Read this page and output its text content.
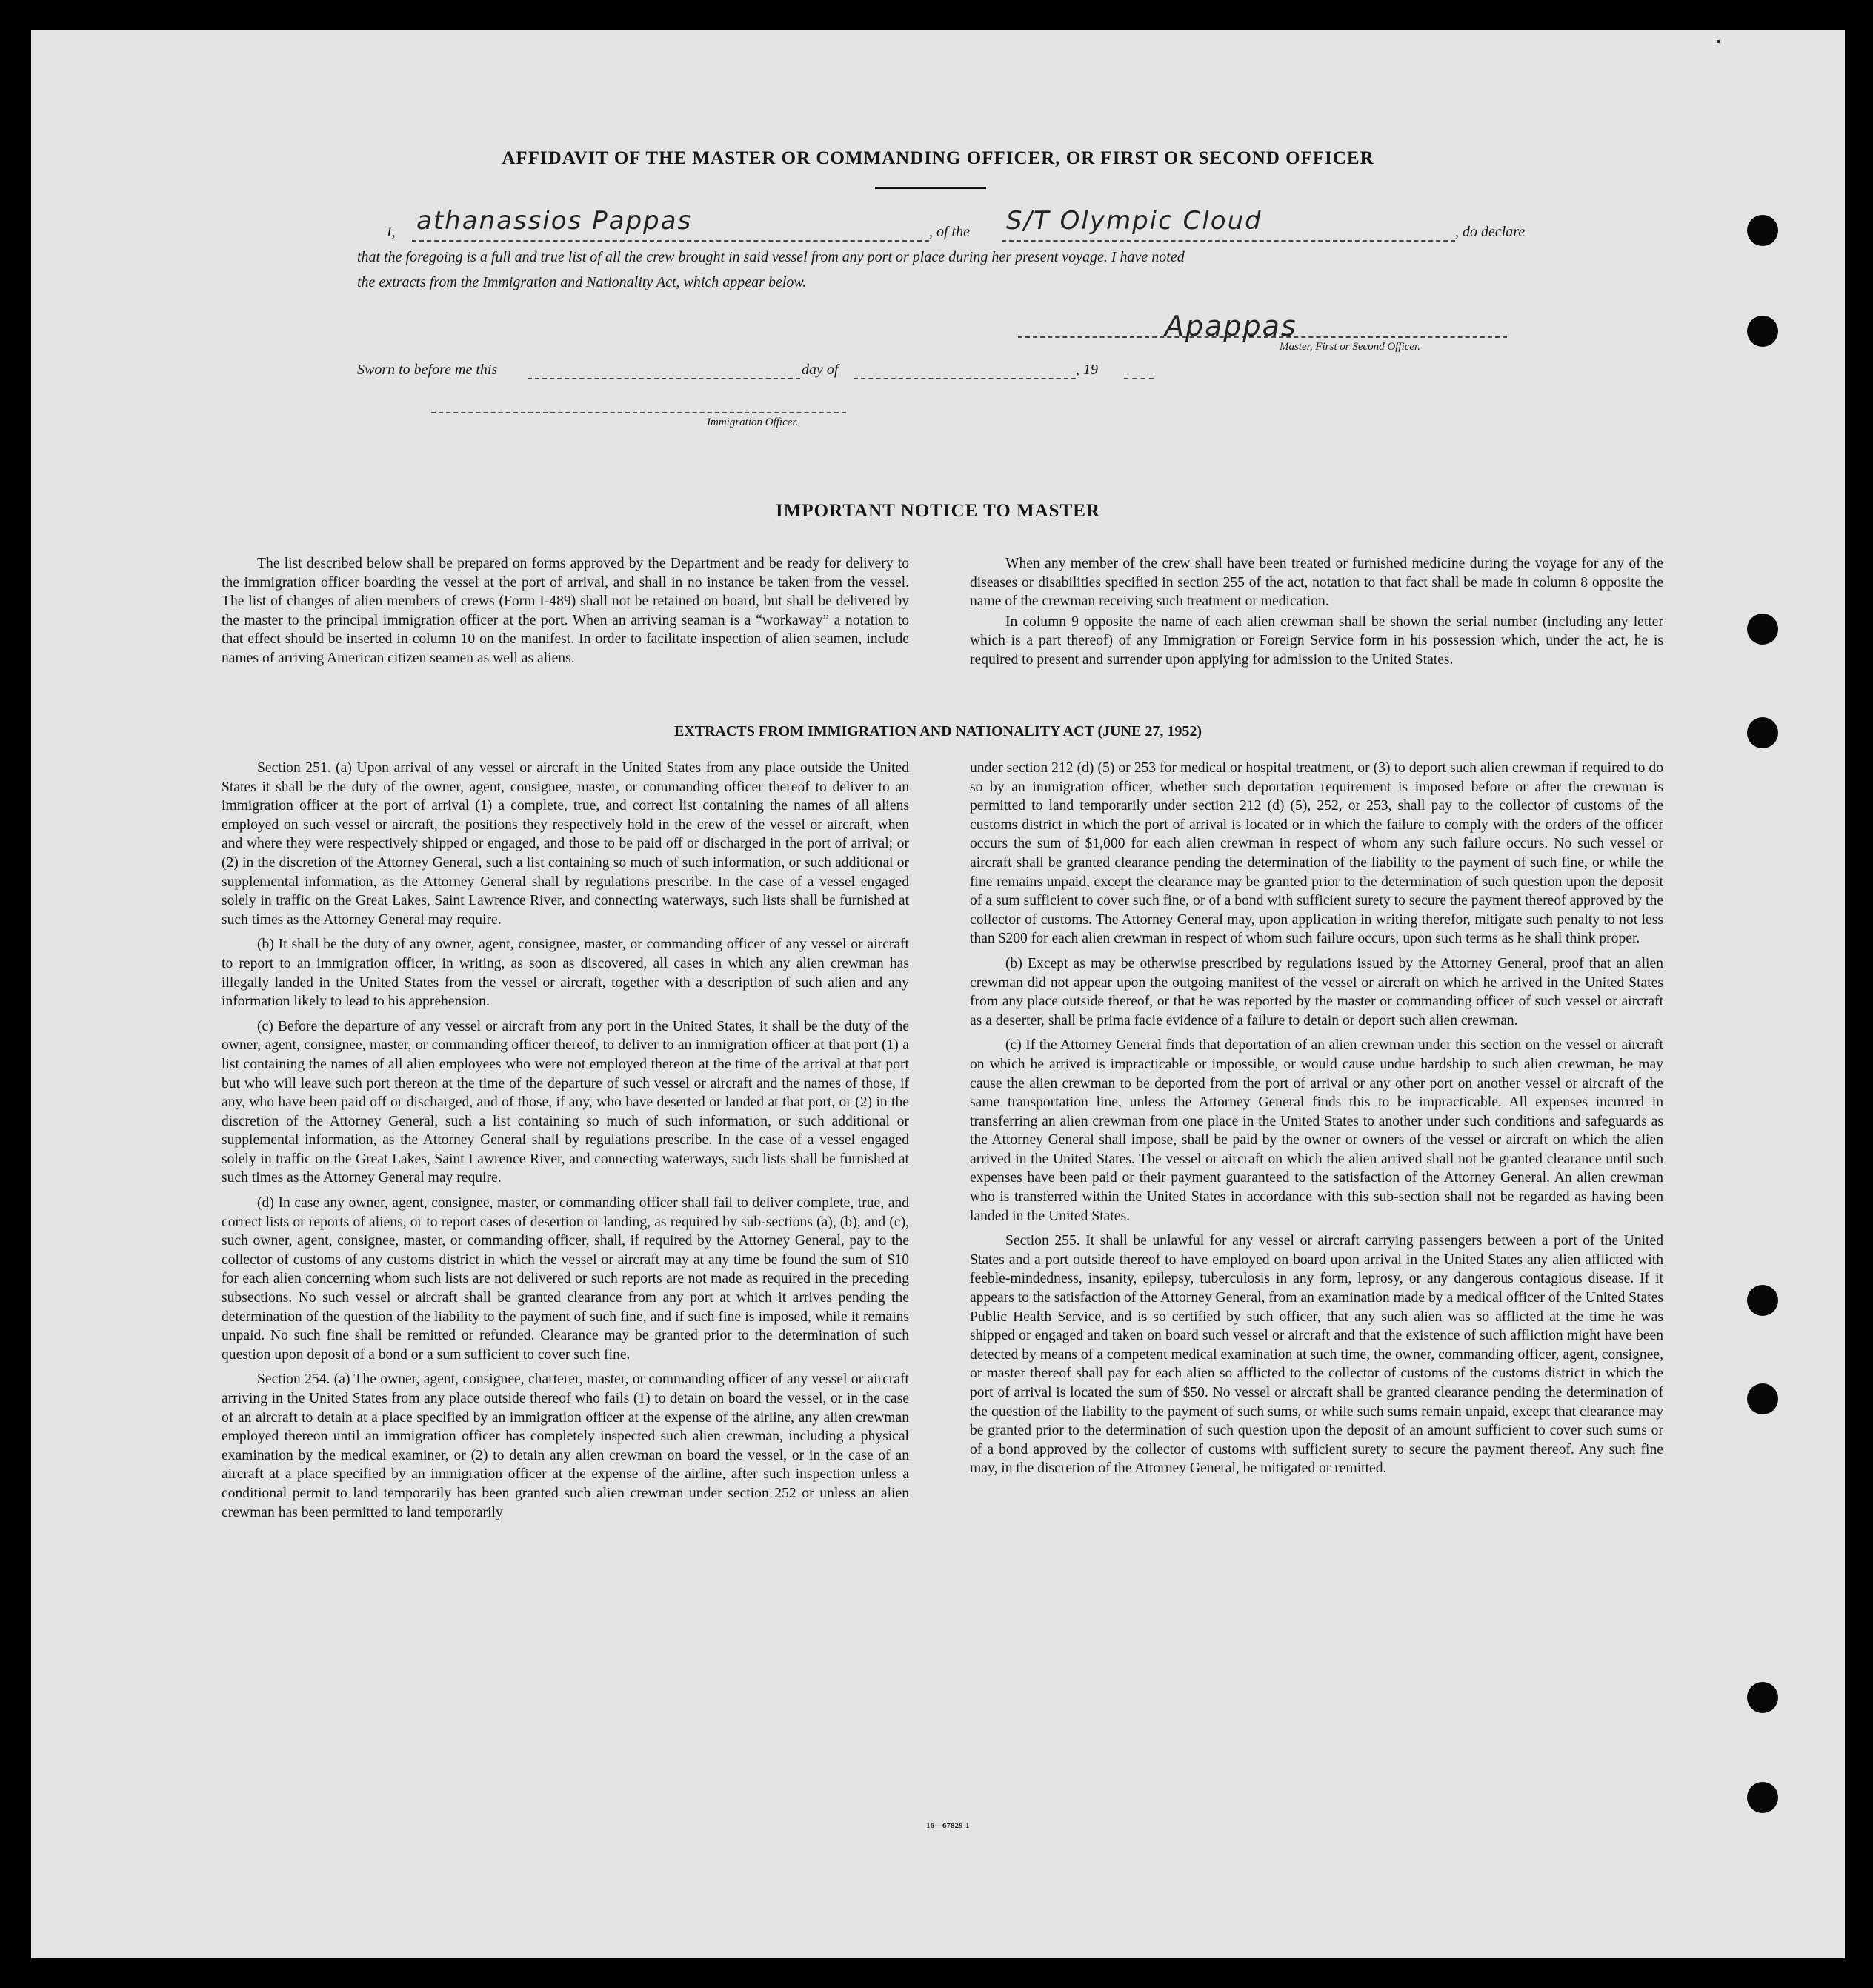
AFFIDAVIT OF THE MASTER OR COMMANDING OFFICER, OR FIRST OR SECOND OFFICER
I, athanassios Pappas	, of the S/T Olympic Cloud	, do declare
that the foregoing is a full and true list of all the crew brought in said vessel from any port or place during her present voyage. I have noted
the extracts from the Immigration and Nationality Act, which appear below.
Apappas
Master, First or Second Officer.
Sworn to before me this	day of	, 19
Immigration Officer.
IMPORTANT NOTICE TO MASTER

The list described below shall be prepared on forms approved by the Department and be ready for delivery to the immigration officer boarding the vessel at the port of arrival, and shall in no instance be taken from the vessel. The list of changes of alien members of crews (Form I-489) shall not be retained on board, but shall be delivered by the master to the principal immigration officer at the port. When an arriving seaman is a “workaway” a notation to that effect should be inserted in column 10 on the manifest. In order to facilitate inspection of alien seamen, include names of arriving American citizen seamen as well as aliens.

When any member of the crew shall have been treated or furnished medicine during the voyage for any of the diseases or disabilities specified in section 255 of the act, notation to that fact shall be made in column 8 opposite the name of the crewman receiving such treatment or medication.

In column 9 opposite the name of each alien crewman shall be shown the serial number (including any letter which is a part thereof) of any Immigration or Foreign Service form in his possession which, under the act, he is required to present and surrender upon applying for admission to the United States.

EXTRACTS FROM IMMIGRATION AND NATIONALITY ACT (JUNE 27, 1952)

Section 251. (a) Upon arrival of any vessel or aircraft in the United States from any place outside the United States it shall be the duty of the owner, agent, consignee, master, or commanding officer thereof to deliver to an immigration officer at the port of arrival (1) a complete, true, and correct list containing the names of all aliens employed on such vessel or aircraft, the positions they respectively hold in the crew of the vessel or aircraft, when and where they were respectively shipped or engaged, and those to be paid off or discharged in the port of arrival; or (2) in the discretion of the Attorney General, such a list containing so much of such information, or such additional or supplemental information, as the Attorney General shall by regulations prescribe. In the case of a vessel engaged solely in traffic on the Great Lakes, Saint Lawrence River, and connecting waterways, such lists shall be furnished at such times as the Attorney General may require.

(b) It shall be the duty of any owner, agent, consignee, master, or commanding officer of any vessel or aircraft to report to an immigration officer, in writing, as soon as discovered, all cases in which any alien crewman has illegally landed in the United States from the vessel or aircraft, together with a description of such alien and any information likely to lead to his apprehension.

(c) Before the departure of any vessel or aircraft from any port in the United States, it shall be the duty of the owner, agent, consignee, master, or commanding officer thereof, to deliver to an immigration officer at that port (1) a list containing the names of all alien employees who were not employed thereon at the time of the arrival at that port but who will leave such port thereon at the time of the departure of such vessel or aircraft and the names of those, if any, who have been paid off or discharged, and of those, if any, who have deserted or landed at that port, or (2) in the discretion of the Attorney General, such a list containing so much of such information, or such additional or supplemental information, as the Attorney General shall by regulations prescribe. In the case of a vessel engaged solely in traffic on the Great Lakes, Saint Lawrence River, and connecting waterways, such lists shall be furnished at such times as the Attorney General may require.

(d) In case any owner, agent, consignee, master, or commanding officer shall fail to deliver complete, true, and correct lists or reports of aliens, or to report cases of desertion or landing, as required by sub-sections (a), (b), and (c), such owner, agent, consignee, master, or commanding officer, shall, if required by the Attorney General, pay to the collector of customs of any customs district in which the vessel or aircraft may at any time be found the sum of $10 for each alien concerning whom such lists are not delivered or such reports are not made as required in the preceding subsections. No such vessel or aircraft shall be granted clearance from any port at which it arrives pending the determination of the question of the liability to the payment of such fine, and if such fine is imposed, while it remains unpaid. No such fine shall be remitted or refunded. Clearance may be granted prior to the determination of such question upon deposit of a bond or a sum sufficient to cover such fine.

Section 254. (a) The owner, agent, consignee, charterer, master, or commanding officer of any vessel or aircraft arriving in the United States from any place outside thereof who fails (1) to detain on board the vessel, or in the case of an aircraft to detain at a place specified by an immigration officer at the expense of the airline, any alien crewman employed thereon until an immigration officer has completely inspected such alien crewman, including a physical examination by the medical examiner, or (2) to detain any alien crewman on board the vessel, or in the case of an aircraft at a place specified by an immigration officer at the expense of the airline, after such inspection unless a conditional permit to land temporarily has been granted such alien crewman under section 252 or unless an alien crewman has been permitted to land temporarily

under section 212 (d) (5) or 253 for medical or hospital treatment, or (3) to deport such alien crewman if required to do so by an immigration officer, whether such deportation requirement is imposed before or after the crewman is permitted to land temporarily under section 212 (d) (5), 252, or 253, shall pay to the collector of customs of the customs district in which the port of arrival is located or in which the failure to comply with the orders of the officer occurs the sum of $1,000 for each alien crewman in respect of whom any such failure occurs. No such vessel or aircraft shall be granted clearance pending the determination of the liability to the payment of such fine, or while the fine remains unpaid, except the clearance may be granted prior to the determination of such question upon the deposit of a sum sufficient to cover such fine, or of a bond with sufficient surety to secure the payment thereof approved by the collector of customs. The Attorney General may, upon application in writing therefor, mitigate such penalty to not less than $200 for each alien crewman in respect of whom such failure occurs, upon such terms as he shall think proper.

(b) Except as may be otherwise prescribed by regulations issued by the Attorney General, proof that an alien crewman did not appear upon the outgoing manifest of the vessel or aircraft on which he arrived in the United States from any place outside thereof, or that he was reported by the master or commanding officer of such vessel or aircraft as a deserter, shall be prima facie evidence of a failure to detain or deport such alien crewman.

(c) If the Attorney General finds that deportation of an alien crewman under this section on the vessel or aircraft on which he arrived is impracticable or impossible, or would cause undue hardship to such alien crewman, he may cause the alien crewman to be deported from the port of arrival or any other port on another vessel or aircraft of the same transportation line, unless the Attorney General finds this to be impracticable. All expenses incurred in transferring an alien crewman from one place in the United States to another under such conditions and safeguards as the Attorney General shall impose, shall be paid by the owner or owners of the vessel or aircraft on which the alien arrived in the United States. The vessel or aircraft on which the alien arrived shall not be granted clearance until such expenses have been paid or their payment guaranteed to the satisfaction of the Attorney General. An alien crewman who is transferred within the United States in accordance with this sub-section shall not be regarded as having been landed in the United States.

Section 255. It shall be unlawful for any vessel or aircraft carrying passengers between a port of the United States and a port outside thereof to have employed on board upon arrival in the United States any alien afflicted with feeble-mindedness, insanity, epilepsy, tuberculosis in any form, leprosy, or any dangerous contagious disease. If it appears to the satisfaction of the Attorney General, from an examination made by a medical officer of the United States Public Health Service, and is so certified by such officer, that any such alien was so afflicted at the time he was shipped or engaged and taken on board such vessel or aircraft and that the existence of such affliction might have been detected by means of a competent medical examination at such time, the owner, commanding officer, agent, consignee, or master thereof shall pay for each alien so afflicted to the collector of customs of the customs district in which the port of arrival is located the sum of $50. No vessel or aircraft shall be granted clearance pending the determination of the question of the liability to the payment of such sums, or while such sums remain unpaid, except that clearance may be granted prior to the determination of such question upon the deposit of an amount sufficient to cover such sums or of a bond approved by the collector of customs with sufficient surety to secure the payment thereof. Any such fine may, in the discretion of the Attorney General, be mitigated or remitted.

16—67829-1
